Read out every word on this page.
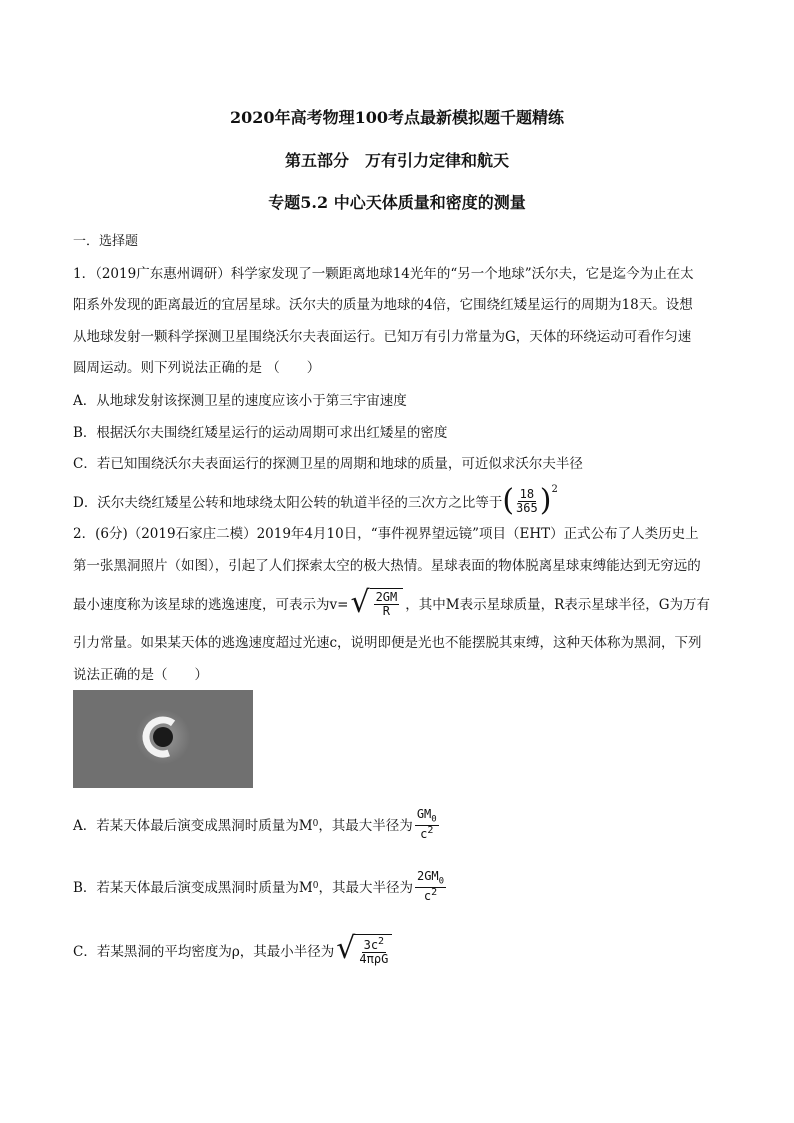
2020年高考物理100考点最新模拟题千题精练
第五部分　万有引力定律和航天
专题5.2 中心天体质量和密度的测量
一．选择题
1．（2019广东惠州调研）科学家发现了一颗距离地球14光年的“另一个地球”沃尔夫，它是迄今为止在太
阳系外发现的距离最近的宜居星球。沃尔夫的质量为地球的4倍，它围绕红矮星运行的周期为18天。设想
从地球发射一颗科学探测卫星围绕沃尔夫表面运行。已知万有引力常量为G，天体的环绕运动可看作匀速
圆周运动。则下列说法正确的是 （　　）
A．从地球发射该探测卫星的速度应该小于第三宇宙速度
B．根据沃尔夫围绕红矮星运行的运动周期可求出红矮星的密度
C．若已知围绕沃尔夫表面运行的探测卫星的周期和地球的质量，可近似求沃尔夫半径
D．沃尔夫绕红矮星公转和地球绕太阳公转的轨道半径的三次方之比等于 ( $\frac{18}{365}$ ) 2
2．(6分)（2019石家庄二模）2019年4月10日，“事件视界望远镜”项目（EHT）正式公布了人类历史上
第一张黑洞照片（如图），引起了人们探索太空的极大热情。星球表面的物体脱离星球束缚能达到无穷远的
最小速度称为该星球的逃逸速度，可表示为v= √ $\frac{2GM}{R}$ ，其中M表示星球质量，R表示星球半径，G为万有
引力常量。如果某天体的逃逸速度超过光速c，说明即便是光也不能摆脱其束缚，这种天体称为黑洞，下列
说法正确的是（　　）
A．若某天体最后演变成黑洞时质量为M 0 ，其最大半径为 $\frac{GM_0}{c^2}$
B．若某天体最后演变成黑洞时质量为M 0 ，其最大半径为 $\frac{2GM_0}{c^2}$
C．若某黑洞的平均密度为ρ，其最小半径为 √ $\frac{3c^2}{\text{4πρG}}$
